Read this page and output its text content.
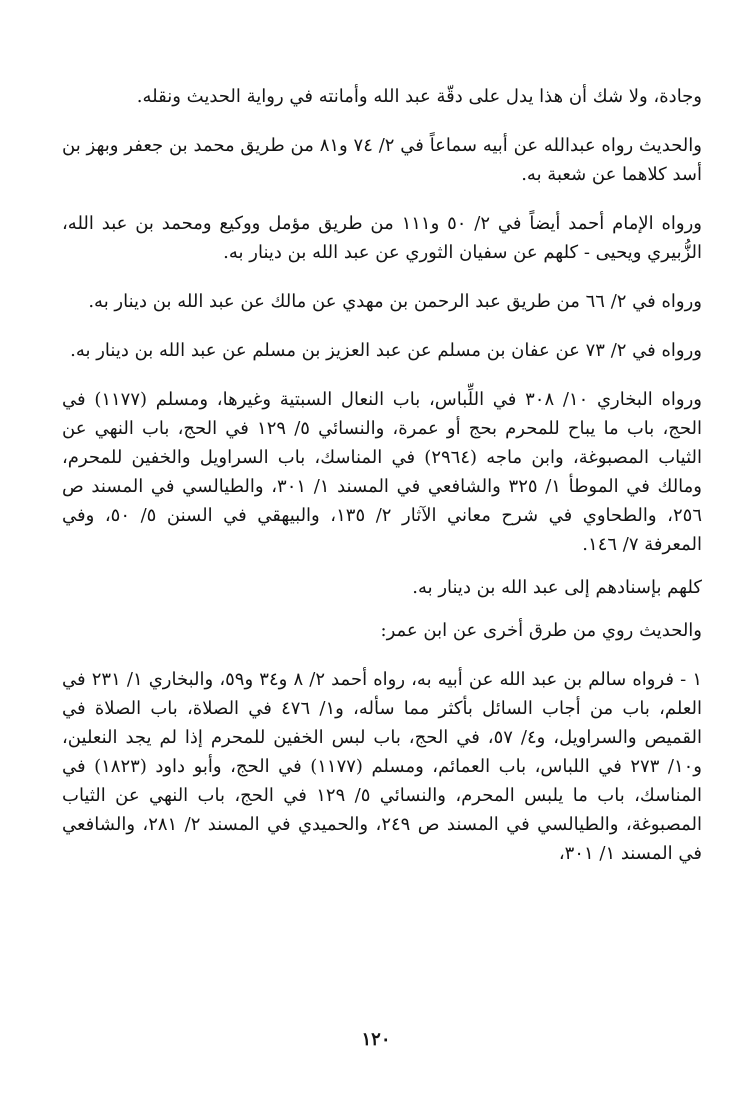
وجادة، ولا شك أن هذا يدل على دقّة عبد الله وأمانته في رواية الحديث ونقله.

والحديث رواه عبدالله عن أبيه سماعاً في ٢/ ٧٤ و٨١ من طريق محمد بن جعفر وبهز بن أسد كلاهما عن شعبة به.

ورواه الإمام أحمد أيضاً في ٢/ ٥٠ و١١١ من طريق مؤمل ووكيع ومحمد بن عبد الله، الزُّبيري ويحيى - كلهم عن سفيان الثوري عن عبد الله بن دينار به.

ورواه في ٢/ ٦٦ من طريق عبد الرحمن بن مهدي عن مالك عن عبد الله بن دينار به.

ورواه في ٢/ ٧٣ عن عفان بن مسلم عن عبد العزيز بن مسلم عن عبد الله بن دينار به.

ورواه البخاري ١٠/ ٣٠٨ في اللِّباس، باب النعال السبتية وغيرها، ومسلم (١١٧٧) في الحج، باب ما يباح للمحرم بحج أو عمرة، والنسائي ٥/ ١٢٩ في الحج، باب النهي عن الثياب المصبوغة، وابن ماجه (٢٩٦٤) في المناسك، باب السراويل والخفين للمحرم، ومالك في الموطأ ١/ ٣٢٥ والشافعي في المسند ١/ ٣٠١، والطيالسي في المسند ص ٢٥٦، والطحاوي في شرح معاني الآثار ٢/ ١٣٥، والبيهقي في السنن ٥/ ٥٠، وفي المعرفة ٧/ ١٤٦.

كلهم بإسنادهم إلى عبد الله بن دينار به.

والحديث روي من طرق أخرى عن ابن عمر:

١ - فرواه سالم بن عبد الله عن أبيه به، رواه أحمد ٢/ ٨ و٣٤ و٥٩، والبخاري ١/ ٢٣١ في العلم، باب من أجاب السائل بأكثر مما سأله، و١/ ٤٧٦ في الصلاة، باب الصلاة في القميص والسراويل، و٤/ ٥٧، في الحج، باب لبس الخفين للمحرم إذا لم يجد النعلين، و١٠/ ٢٧٣ في اللباس، باب العمائم، ومسلم (١١٧٧) في الحج، وأبو داود (١٨٢٣) في المناسك، باب ما يلبس المحرم، والنسائي ٥/ ١٢٩ في الحج، باب النهي عن الثياب المصبوغة، والطيالسي في المسند ص ٢٤٩، والحميدي في المسند ٢/ ٢٨١، والشافعي في المسند ١/ ٣٠١،

١٢٠
